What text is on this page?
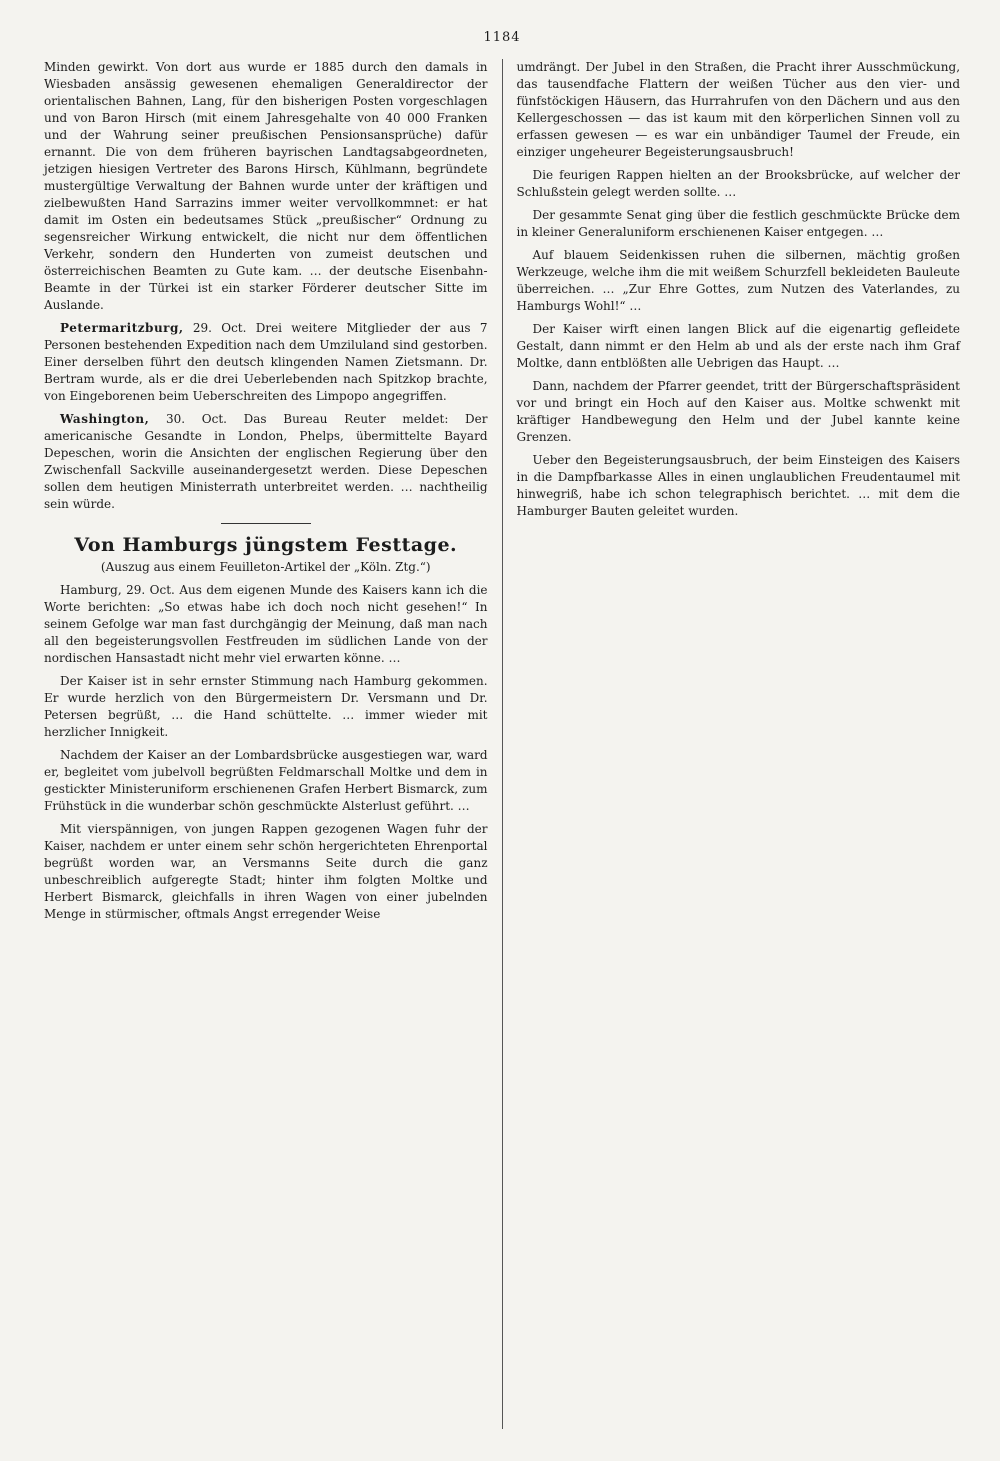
1184

Minden gewirkt. Von dort aus wurde er 1885 durch den damals in Wiesbaden ansässig gewesenen ehemaligen Generaldirector der orientalischen Bahnen, Lang, für den bisherigen Posten vorgeschlagen und von Baron Hirsch (mit einem Jahresgehalte von 40 000 Franken und der Wahrung seiner preußischen Pensionsansprüche) dafür ernannt. Die von dem früheren bayrischen Landtagsabgeordneten, jetzigen hiesigen Vertreter des Barons Hirsch, Kühlmann, begründete mustergültige Verwaltung der Bahnen wurde unter der kräftigen und zielbewußten Hand Sarrazins immer weiter vervollkommnet: er hat damit im Osten ein bedeutsames Stück „preußischer“ Ordnung zu segensreicher Wirkung entwickelt, die nicht nur dem öffentlichen Verkehr, sondern den Hunderten von zumeist deutschen und österreichischen Beamten zu Gute kam. … der deutsche Eisenbahn-Beamte in der Türkei ist ein starker Förderer deutscher Sitte im Auslande.

Petermaritzburg, 29. Oct. Drei weitere Mitglieder der aus 7 Personen bestehenden Expedition nach dem Umziluland sind gestorben. Einer derselben führt den deutsch klingenden Namen Zietsmann. Dr. Bertram wurde, als er die drei Ueberlebenden nach Spitzkop brachte, von Eingeborenen beim Ueberschreiten des Limpopo angegriffen.

Washington, 30. Oct. Das Bureau Reuter meldet: Der americanische Gesandte in London, Phelps, übermittelte Bayard Depeschen, worin die Ansichten der englischen Regierung über den Zwischenfall Sackville auseinandergesetzt werden. Diese Depeschen sollen dem heutigen Ministerrath unterbreitet werden. … nachtheilig sein würde.

Von Hamburgs jüngstem Festtage.
(Auszug aus einem Feuilleton-Artikel der „Köln. Ztg.“)

Hamburg, 29. Oct. Aus dem eigenen Munde des Kaisers kann ich die Worte berichten: „So etwas habe ich doch noch nicht gesehen!“ In seinem Gefolge war man fast durchgängig der Meinung, daß man nach all den begeisterungsvollen Festfreuden im südlichen Lande von der nordischen Hansastadt nicht mehr viel erwarten könne. …

Der Kaiser ist in sehr ernster Stimmung nach Hamburg gekommen. Er wurde herzlich von den Bürgermeistern Dr. Versmann und Dr. Petersen begrüßt, … die Hand schüttelte. … immer wieder mit herzlicher Innigkeit.

Nachdem der Kaiser an der Lombardsbrücke ausgestiegen war, ward er, begleitet vom jubelvoll begrüßten Feldmarschall Moltke und dem in gestickter Ministeruniform erschienenen Grafen Herbert Bismarck, zum Frühstück in die wunderbar schön geschmückte Alsterlust geführt. …

Mit vierspännigen, von jungen Rappen gezogenen Wagen fuhr der Kaiser, nachdem er unter einem sehr schön hergerichteten Ehrenportal begrüßt worden war, an Versmanns Seite durch die ganz unbeschreiblich aufgeregte Stadt; hinter ihm folgten Moltke und Herbert Bismarck, gleichfalls in ihren Wagen von einer jubelnden Menge in stürmischer, oftmals Angst erregender Weise

umdrängt. Der Jubel in den Straßen, die Pracht ihrer Ausschmückung, das tausendfache Flattern der weißen Tücher aus den vier- und fünfstöckigen Häusern, das Hurrahrufen von den Dächern und aus den Kellergeschossen — das ist kaum mit den körperlichen Sinnen voll zu erfassen gewesen — es war ein unbändiger Taumel der Freude, ein einziger ungeheurer Begeisterungsausbruch!

Die feurigen Rappen hielten an der Brooksbrücke, auf welcher der Schlußstein gelegt werden sollte. …

Der gesammte Senat ging über die festlich geschmückte Brücke dem in kleiner Generaluniform erschienenen Kaiser entgegen. …

Auf blauem Seidenkissen ruhen die silbernen, mächtig großen Werkzeuge, welche ihm die mit weißem Schurzfell bekleideten Bauleute überreichen. … „Zur Ehre Gottes, zum Nutzen des Vaterlandes, zu Hamburgs Wohl!“ …

Der Kaiser wirft einen langen Blick auf die eigenartig gefleidete Gestalt, dann nimmt er den Helm ab und als der erste nach ihm Graf Moltke, dann entblößten alle Uebrigen das Haupt. …

Dann, nachdem der Pfarrer geendet, tritt der Bürgerschaftspräsident vor und bringt ein Hoch auf den Kaiser aus. Moltke schwenkt mit kräftiger Handbewegung den Helm und der Jubel kannte keine Grenzen.

Ueber den Begeisterungsausbruch, der beim Einsteigen des Kaisers in die Dampfbarkasse Alles in einen unglaublichen Freudentaumel mit hinwegriß, habe ich schon telegraphisch berichtet. … mit dem die Hamburger Bauten geleitet wurden.
